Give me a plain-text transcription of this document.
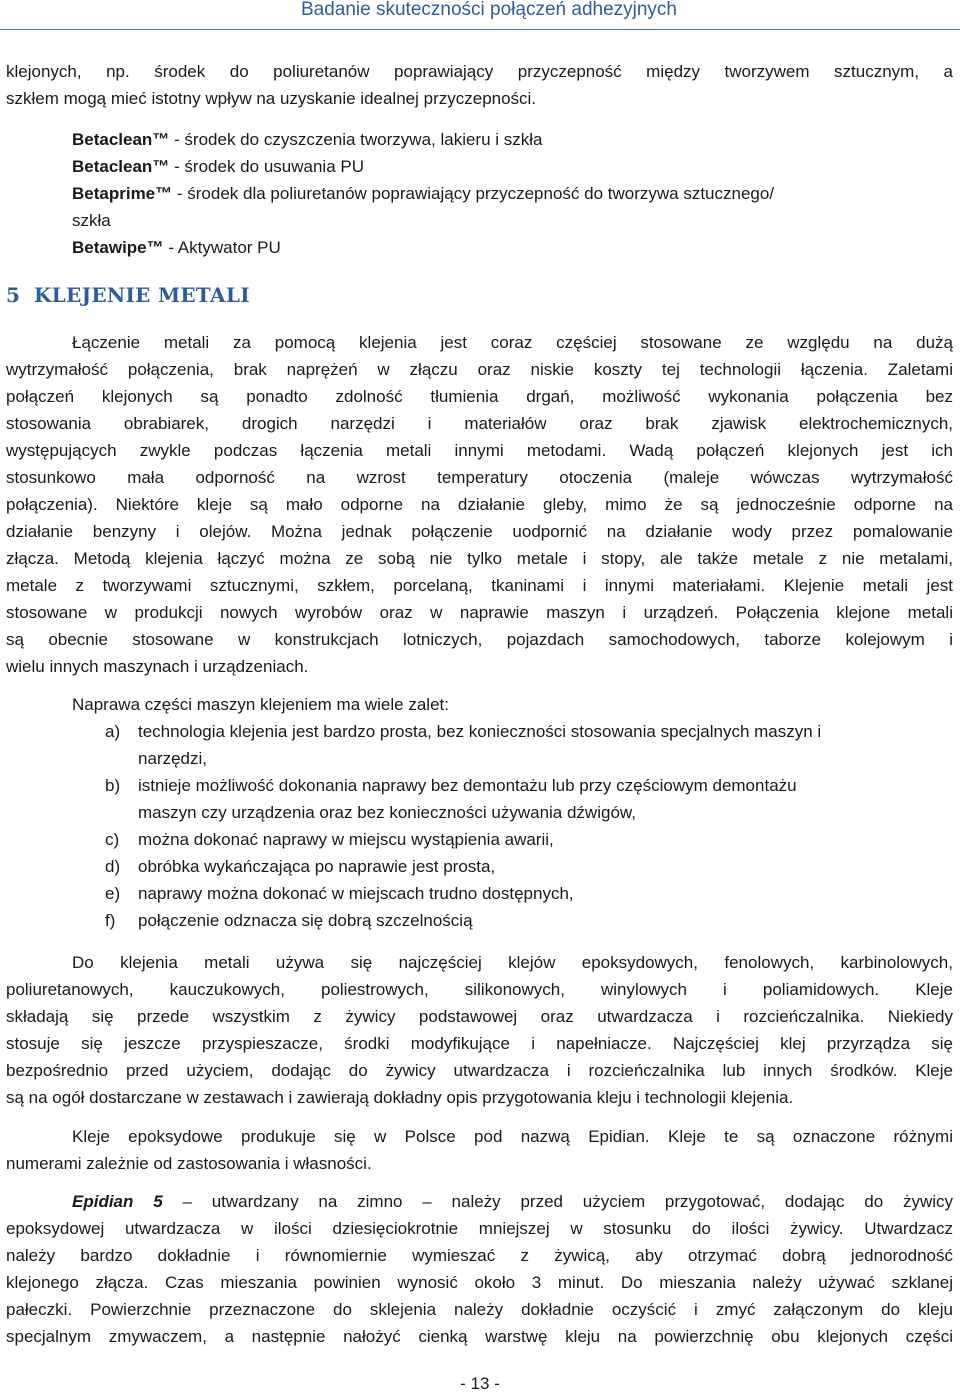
Badanie skuteczności połączeń adhezyjnych
klejonych, np. środek do poliuretanów poprawiający przyczepność między tworzywem sztucznym, a
szkłem mogą mieć istotny wpływ na uzyskanie idealnej przyczepności.
Betaclean™ - środek do czyszczenia tworzywa, lakieru i szkła
Betaclean™ - środek do usuwania PU
Betaprime™ - środek dla poliuretanów poprawiający przyczepność do tworzywa sztucznego/
szkła
Betawipe™ - Aktywator PU
5 KLEJENIE METALI
Łączenie metali za pomocą klejenia jest coraz częściej stosowane ze względu na dużą
wytrzymałość połączenia, brak naprężeń w złączu oraz niskie koszty tej technologii łączenia. Zaletami
połączeń klejonych są ponadto zdolność tłumienia drgań, możliwość wykonania połączenia bez
stosowania obrabiarek, drogich narzędzi i materiałów oraz brak zjawisk elektrochemicznych,
występujących zwykle podczas łączenia metali innymi metodami. Wadą połączeń klejonych jest ich
stosunkowo mała odporność na wzrost temperatury otoczenia (maleje wówczas wytrzymałość
połączenia). Niektóre kleje są mało odporne na działanie gleby, mimo że są jednocześnie odporne na
działanie benzyny i olejów. Można jednak połączenie uodpornić na działanie wody przez pomalowanie
złącza. Metodą klejenia łączyć można ze sobą nie tylko metale i stopy, ale także metale z nie metalami,
metale z tworzywami sztucznymi, szkłem, porcelaną, tkaninami i innymi materiałami. Klejenie metali jest
stosowane w produkcji nowych wyrobów oraz w naprawie maszyn i urządzeń. Połączenia klejone metali
są obecnie stosowane w konstrukcjach lotniczych, pojazdach samochodowych, taborze kolejowym i
wielu innych maszynach i urządzeniach.
Naprawa części maszyn klejeniem ma wiele zalet:
a) technologia klejenia jest bardzo prosta, bez konieczności stosowania specjalnych maszyn i
narzędzi,
b) istnieje możliwość dokonania naprawy bez demontażu lub przy częściowym demontażu
maszyn czy urządzenia oraz bez konieczności używania dźwigów,
c) można dokonać naprawy w miejscu wystąpienia awarii,
d) obróbka wykańczająca po naprawie jest prosta,
e) naprawy można dokonać w miejscach trudno dostępnych,
f) połączenie odznacza się dobrą szczelnością
Do klejenia metali używa się najczęściej klejów epoksydowych, fenolowych, karbinolowych,
poliuretanowych, kauczukowych, poliestrowych, silikonowych, winylowych i poliamidowych. Kleje
składają się przede wszystkim z żywicy podstawowej oraz utwardzacza i rozcieńczalnika. Niekiedy
stosuje się jeszcze przyspieszacze, środki modyfikujące i napełniacze. Najczęściej klej przyrządza się
bezpośrednio przed użyciem, dodając do żywicy utwardzacza i rozcieńczalnika lub innych środków. Kleje
są na ogół dostarczane w zestawach i zawierają dokładny opis przygotowania kleju i technologii klejenia.
Kleje epoksydowe produkuje się w Polsce pod nazwą Epidian. Kleje te są oznaczone różnymi
numerami zależnie od zastosowania i własności.
Epidian 5 – utwardzany na zimno – należy przed użyciem przygotować, dodając do żywicy
epoksydowej utwardzacza w ilości dziesięciokrotnie mniejszej w stosunku do ilości żywicy. Utwardzacz
należy bardzo dokładnie i równomiernie wymieszać z żywicą, aby otrzymać dobrą jednorodność
klejonego złącza. Czas mieszania powinien wynosić około 3 minut. Do mieszania należy używać szklanej
pałeczki. Powierzchnie przeznaczone do sklejenia należy dokładnie oczyścić i zmyć załączonym do kleju
specjalnym zmywaczem, a następnie nałożyć cienką warstwę kleju na powierzchnię obu klejonych części
- 13 -
